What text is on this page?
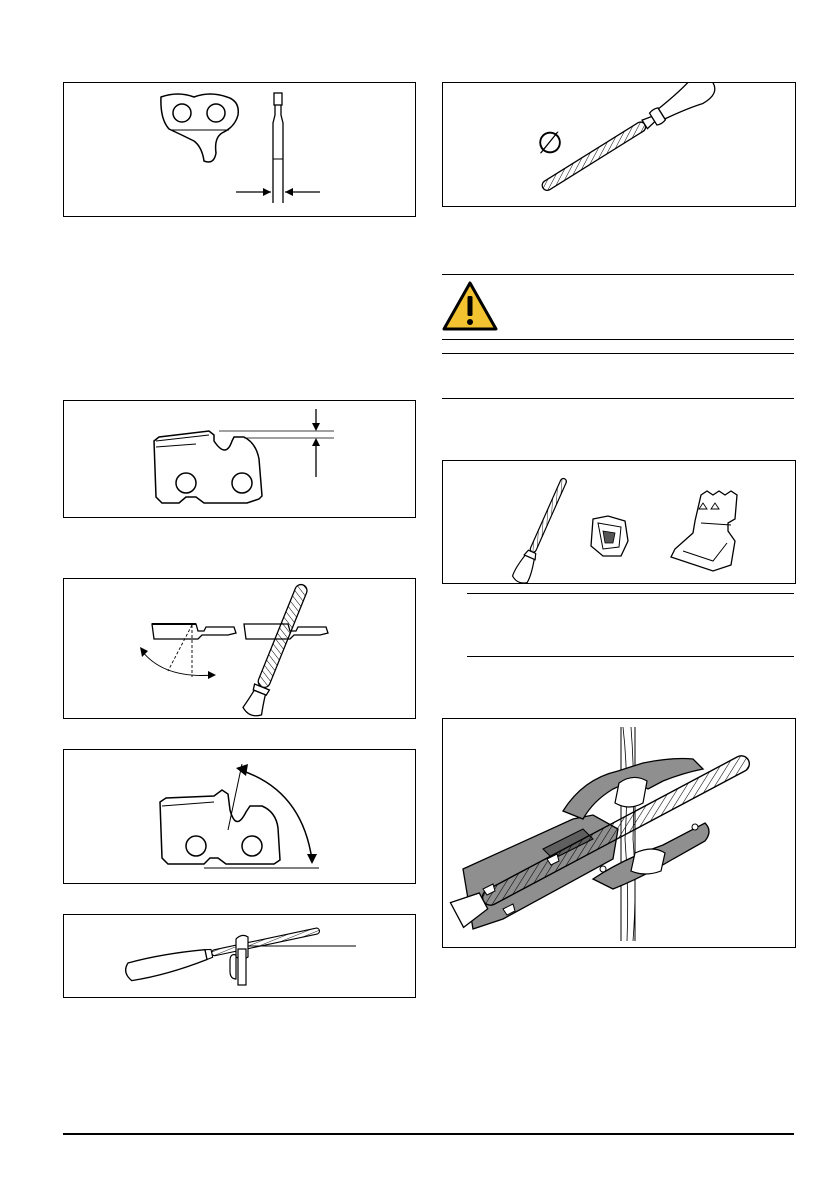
∅
